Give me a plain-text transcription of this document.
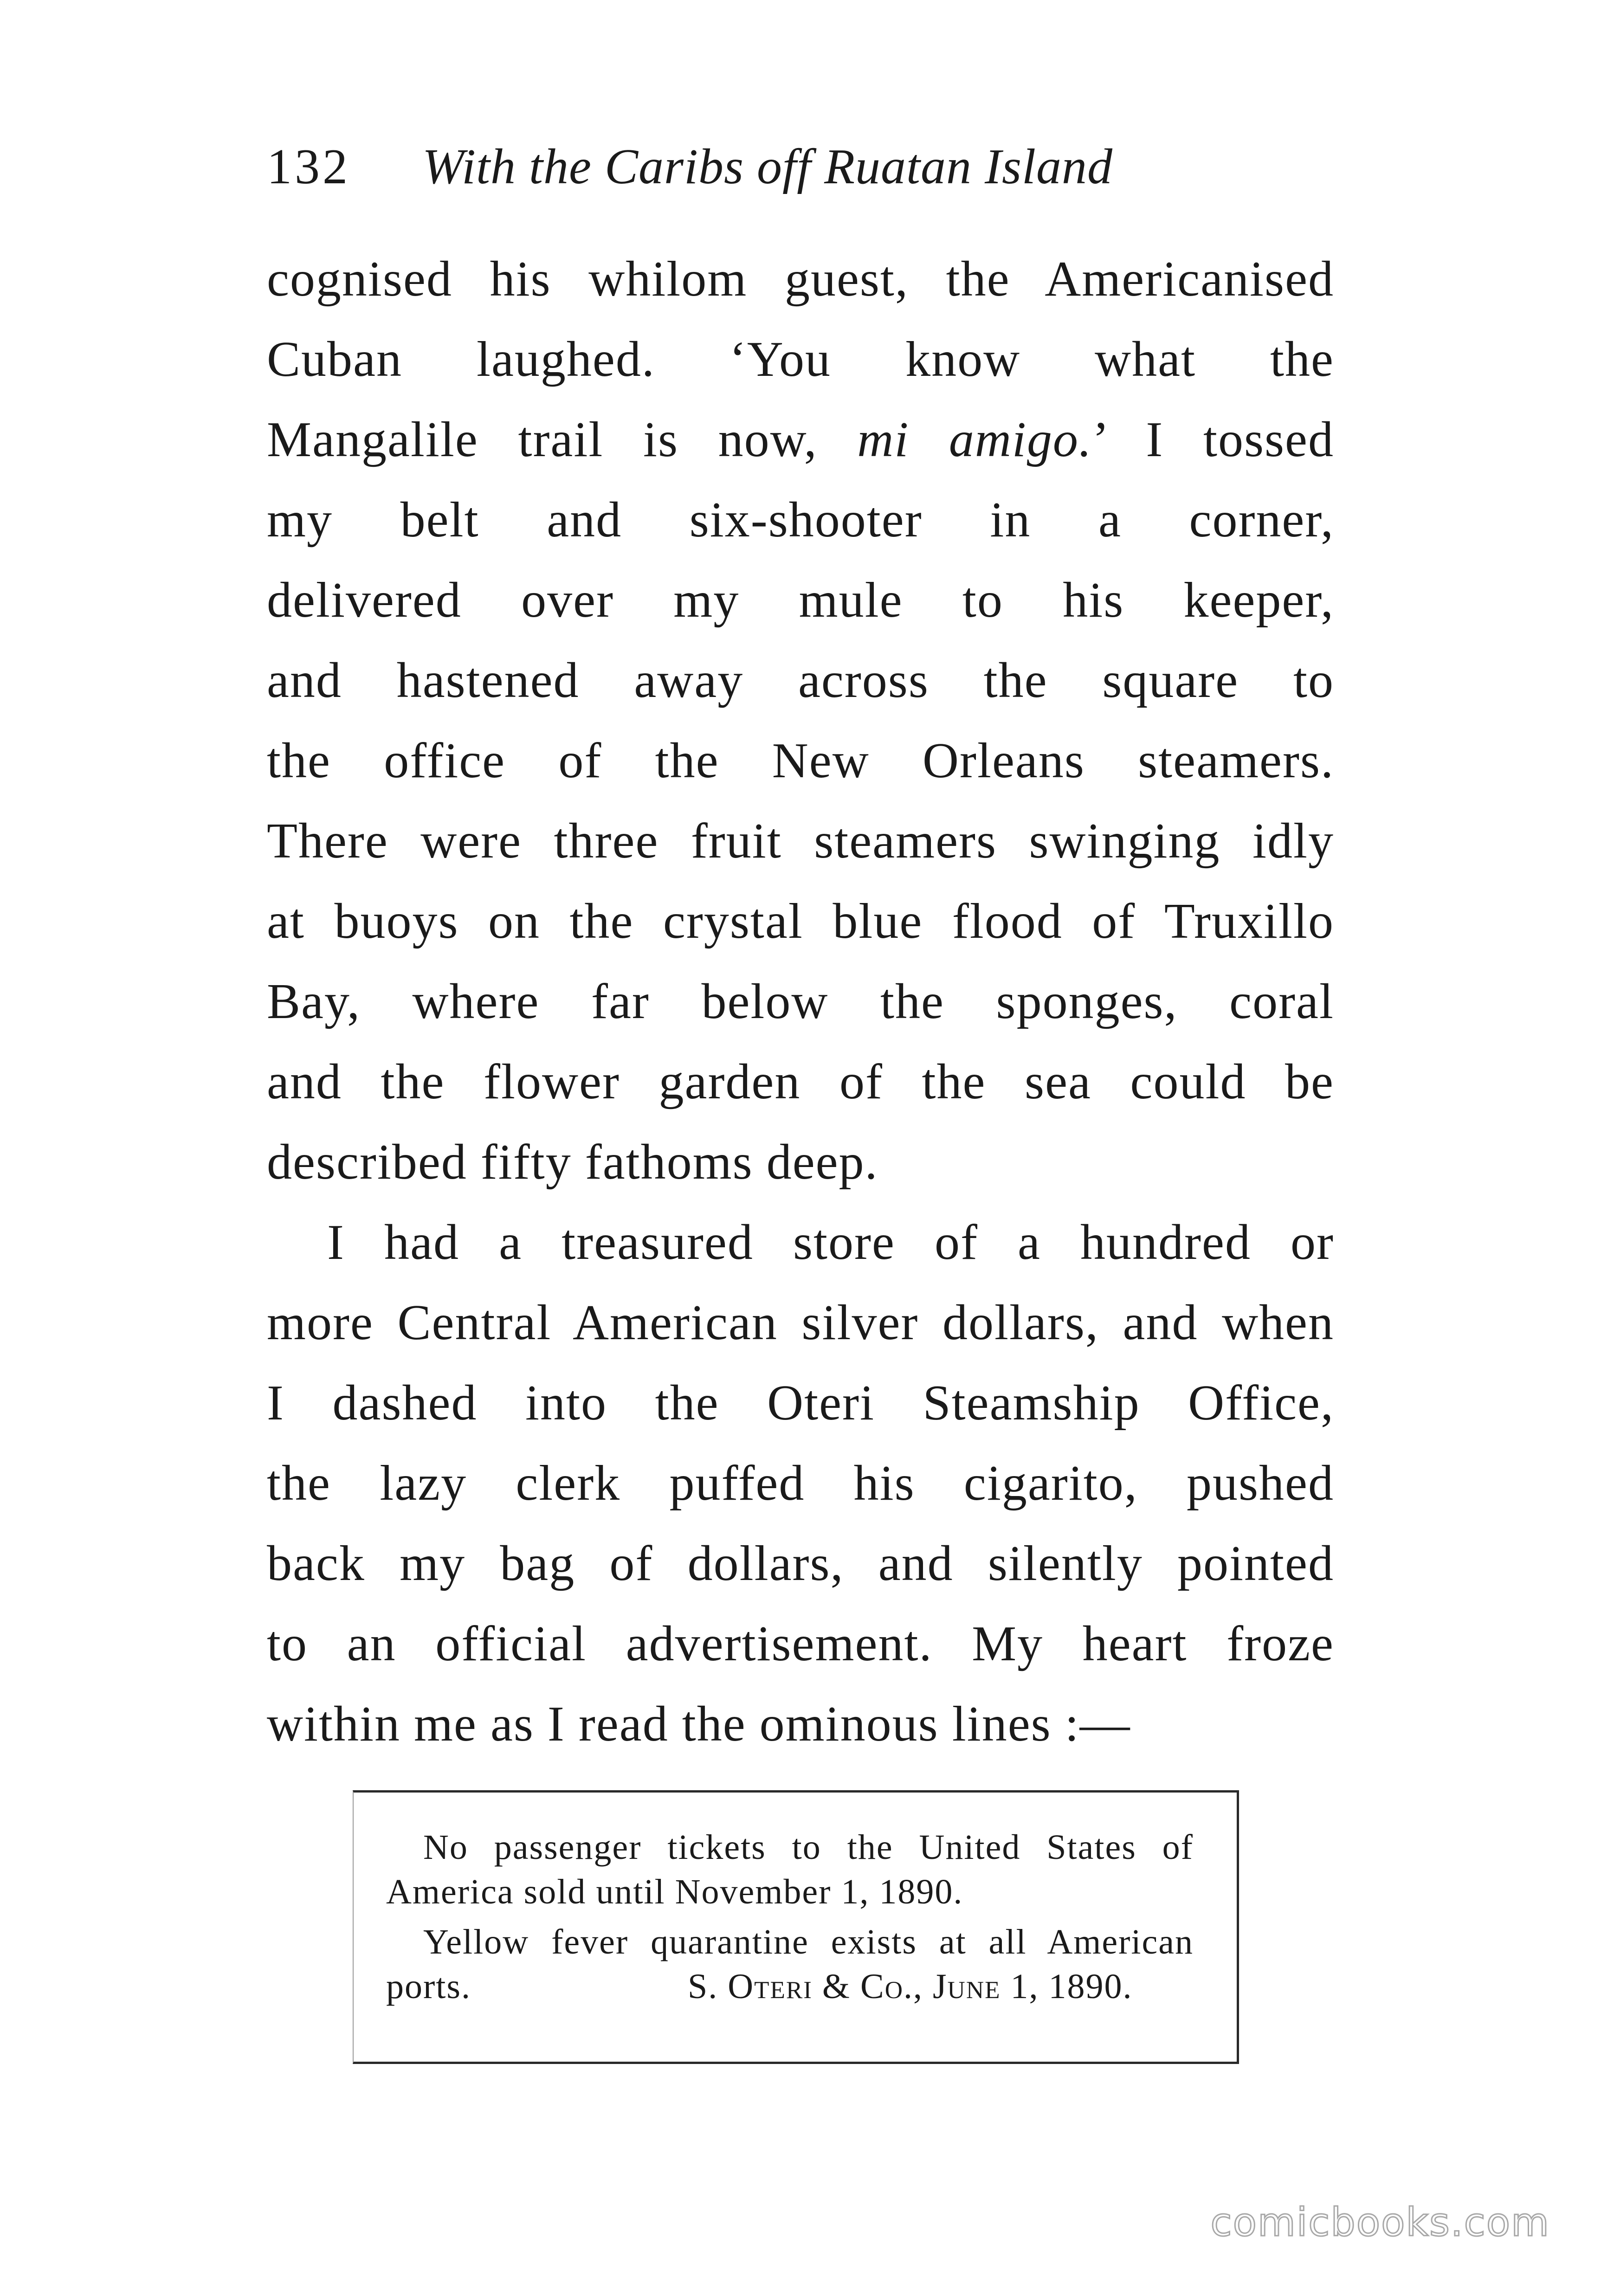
132 With the Caribs off Ruatan Island
cognised his whilom guest, the Americanised
Cuban laughed. ‘You know what the
Mangalile trail is now, mi amigo.’ I tossed
my belt and six-shooter in a corner,
delivered over my mule to his keeper,
and hastened away across the square to
the office of the New Orleans steamers.
There were three fruit steamers swinging idly
at buoys on the crystal blue flood of Truxillo
Bay, where far below the sponges, coral
and the flower garden of the sea could be
described fifty fathoms deep.
I had a treasured store of a hundred or
more Central American silver dollars, and when
I dashed into the Oteri Steamship Office,
the lazy clerk puffed his cigarito, pushed
back my bag of dollars, and silently pointed
to an official advertisement. My heart froze
within me as I read the ominous lines :—
No passenger tickets to the United States of
America sold until November 1, 1890.
Yellow fever quarantine exists at all American
ports.	S. Oteri & Co., June 1, 1890.
comicbooks.com
